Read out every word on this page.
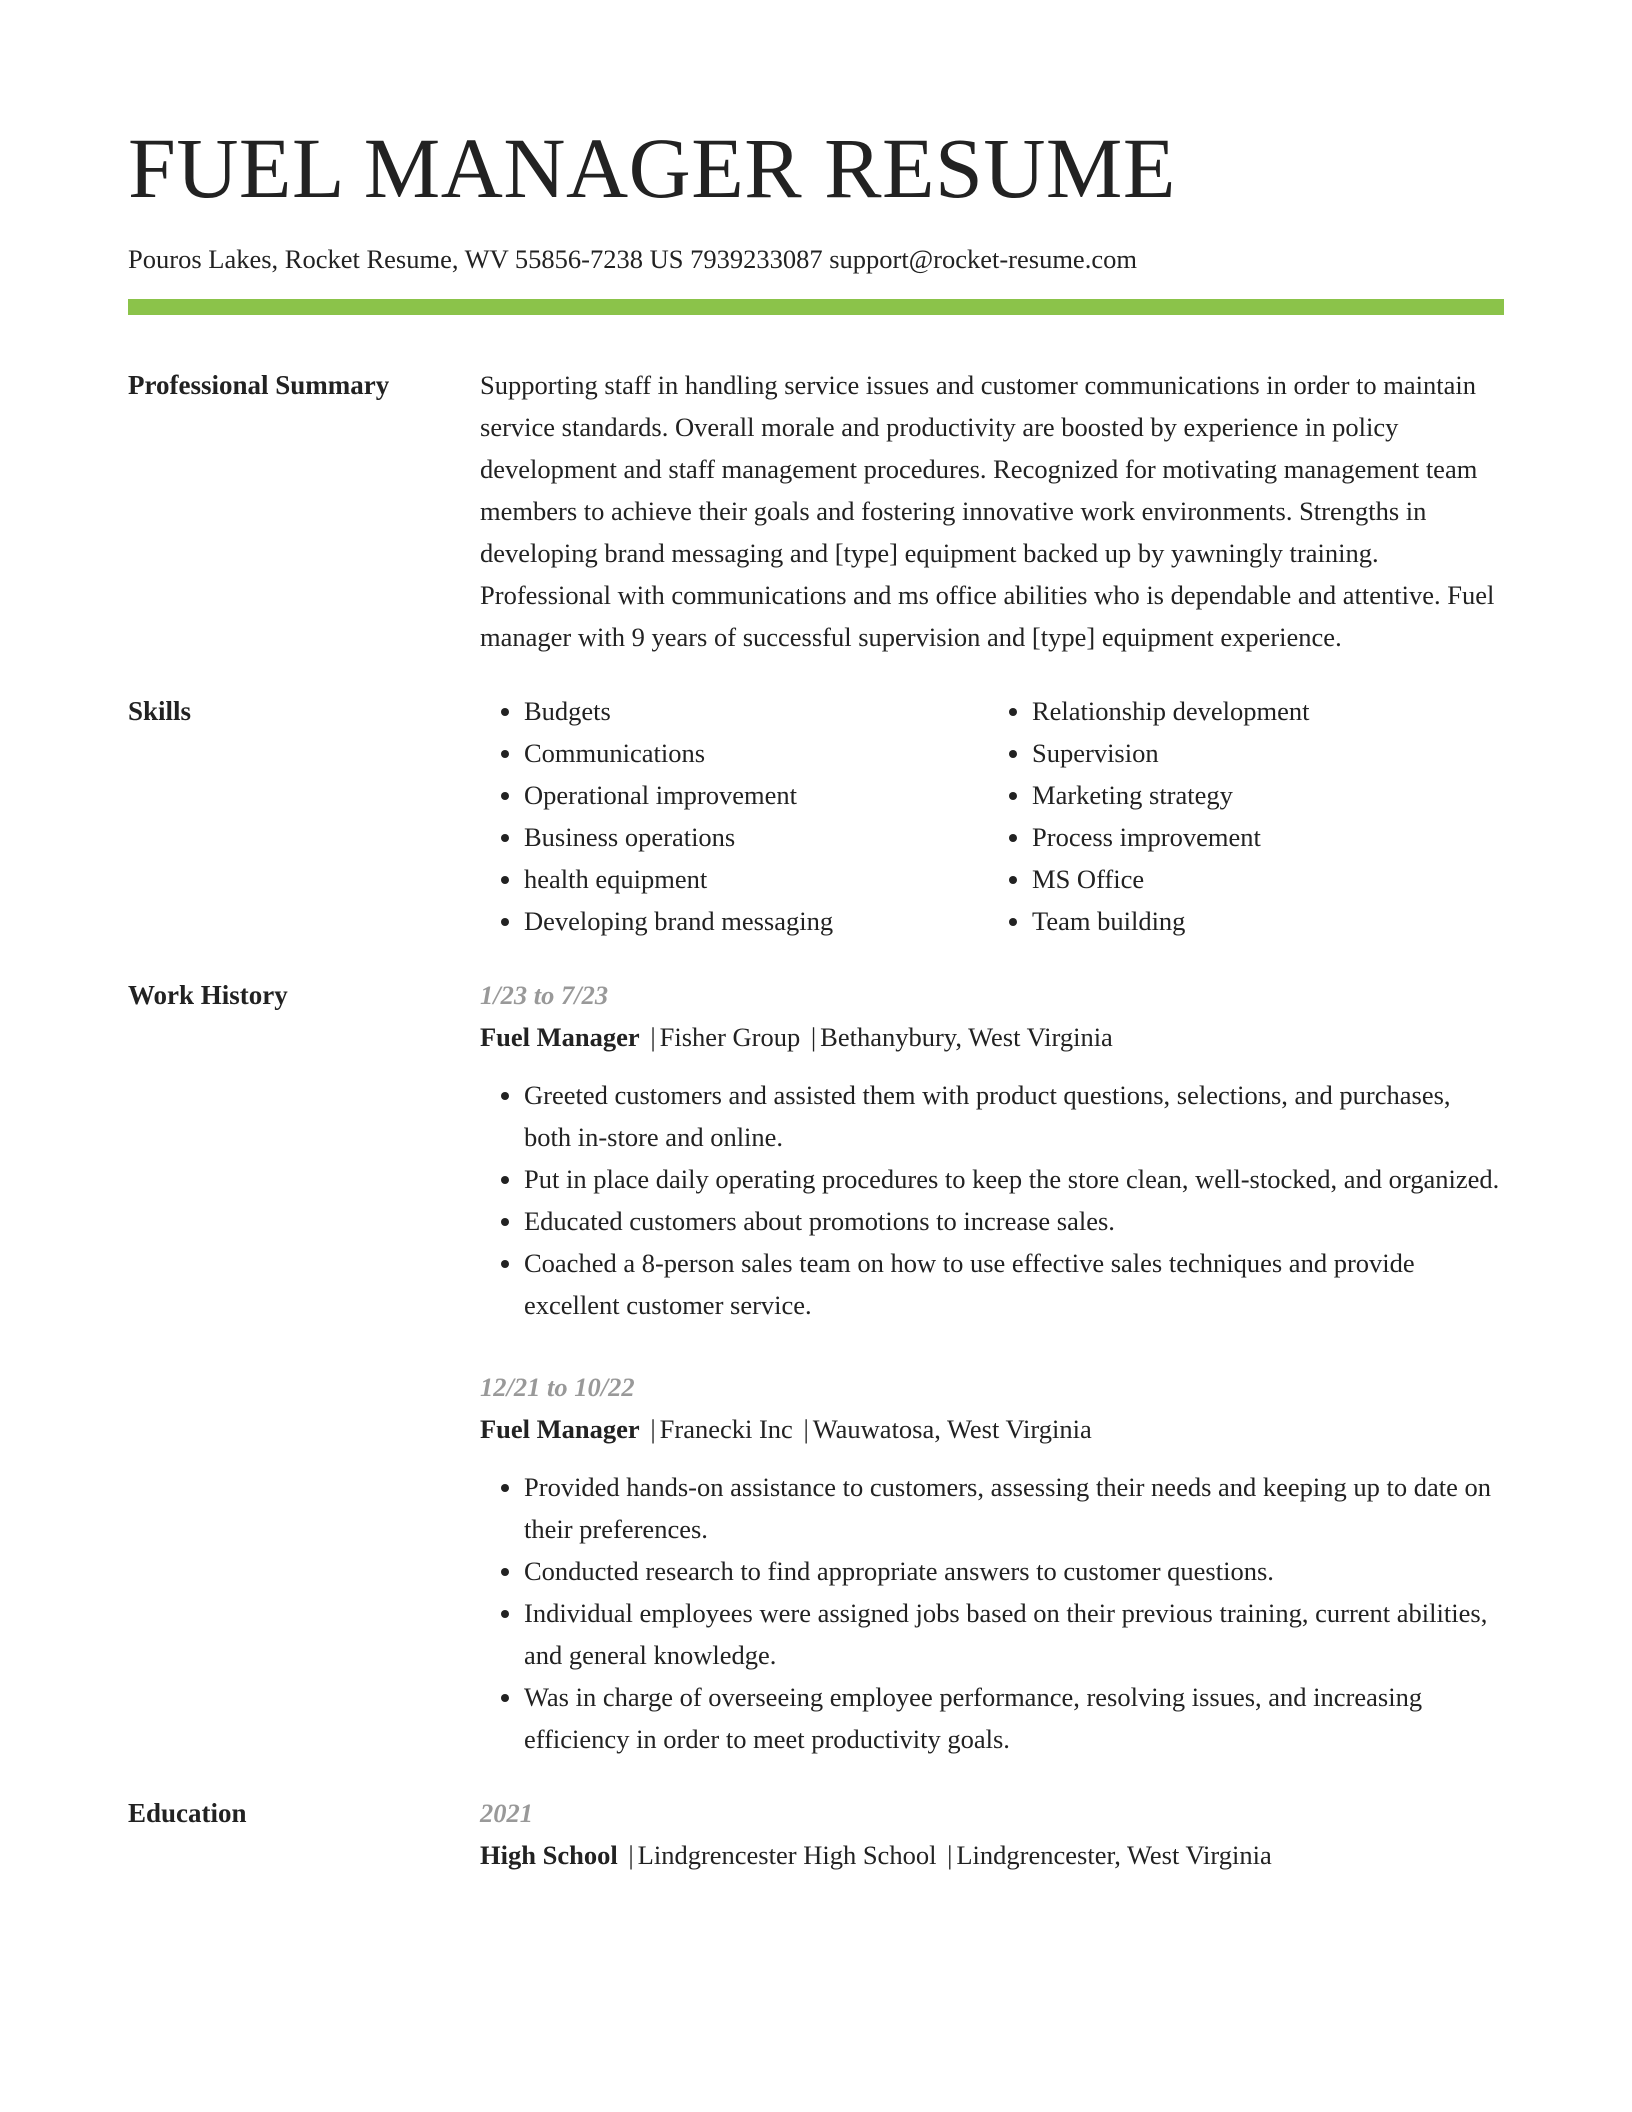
FUEL MANAGER RESUME
Pouros Lakes, Rocket Resume, WV 55856-7238 US 7939233087 support@rocket-resume.com
Professional Summary	Supporting staff in handling service issues and customer communications in order to maintain service standards. Overall morale and productivity are boosted by experience in policy development and staff management procedures. Recognized for motivating management team members to achieve their goals and fostering innovative work environments. Strengths in developing brand messaging and [type] equipment backed up by yawningly training. Professional with communications and ms office abilities who is dependable and attentive. Fuel manager with 9 years of successful supervision and [type] equipment experience.

Skills
•	Budgets
• Communications
• Operational improvement
• Business operations
• health equipment
• Developing brand messaging
• Relationship development
• Supervision
• Marketing strategy
• Process improvement
• MS Office
• Team building
Work History	1/23 to 7/23
Fuel Manager | Fisher Group | Bethanybury, West Virginia
• Greeted customers and assisted them with product questions, selections, and purchases, both in-store and online.
• Put in place daily operating procedures to keep the store clean, well-stocked, and organized.
• Educated customers about promotions to increase sales.
• Coached a 8-person sales team on how to use effective sales techniques and provide excellent customer service.
12/21 to 10/22
Fuel Manager | Franecki Inc | Wauwatosa, West Virginia
• Provided hands-on assistance to customers, assessing their needs and keeping up to date on their preferences.
• Conducted research to find appropriate answers to customer questions.
• Individual employees were assigned jobs based on their previous training, current abilities, and general knowledge.
• Was in charge of overseeing employee performance, resolving issues, and increasing efficiency in order to meet productivity goals.
Education	2021
High School | Lindgrencester High School | Lindgrencester, West Virginia
